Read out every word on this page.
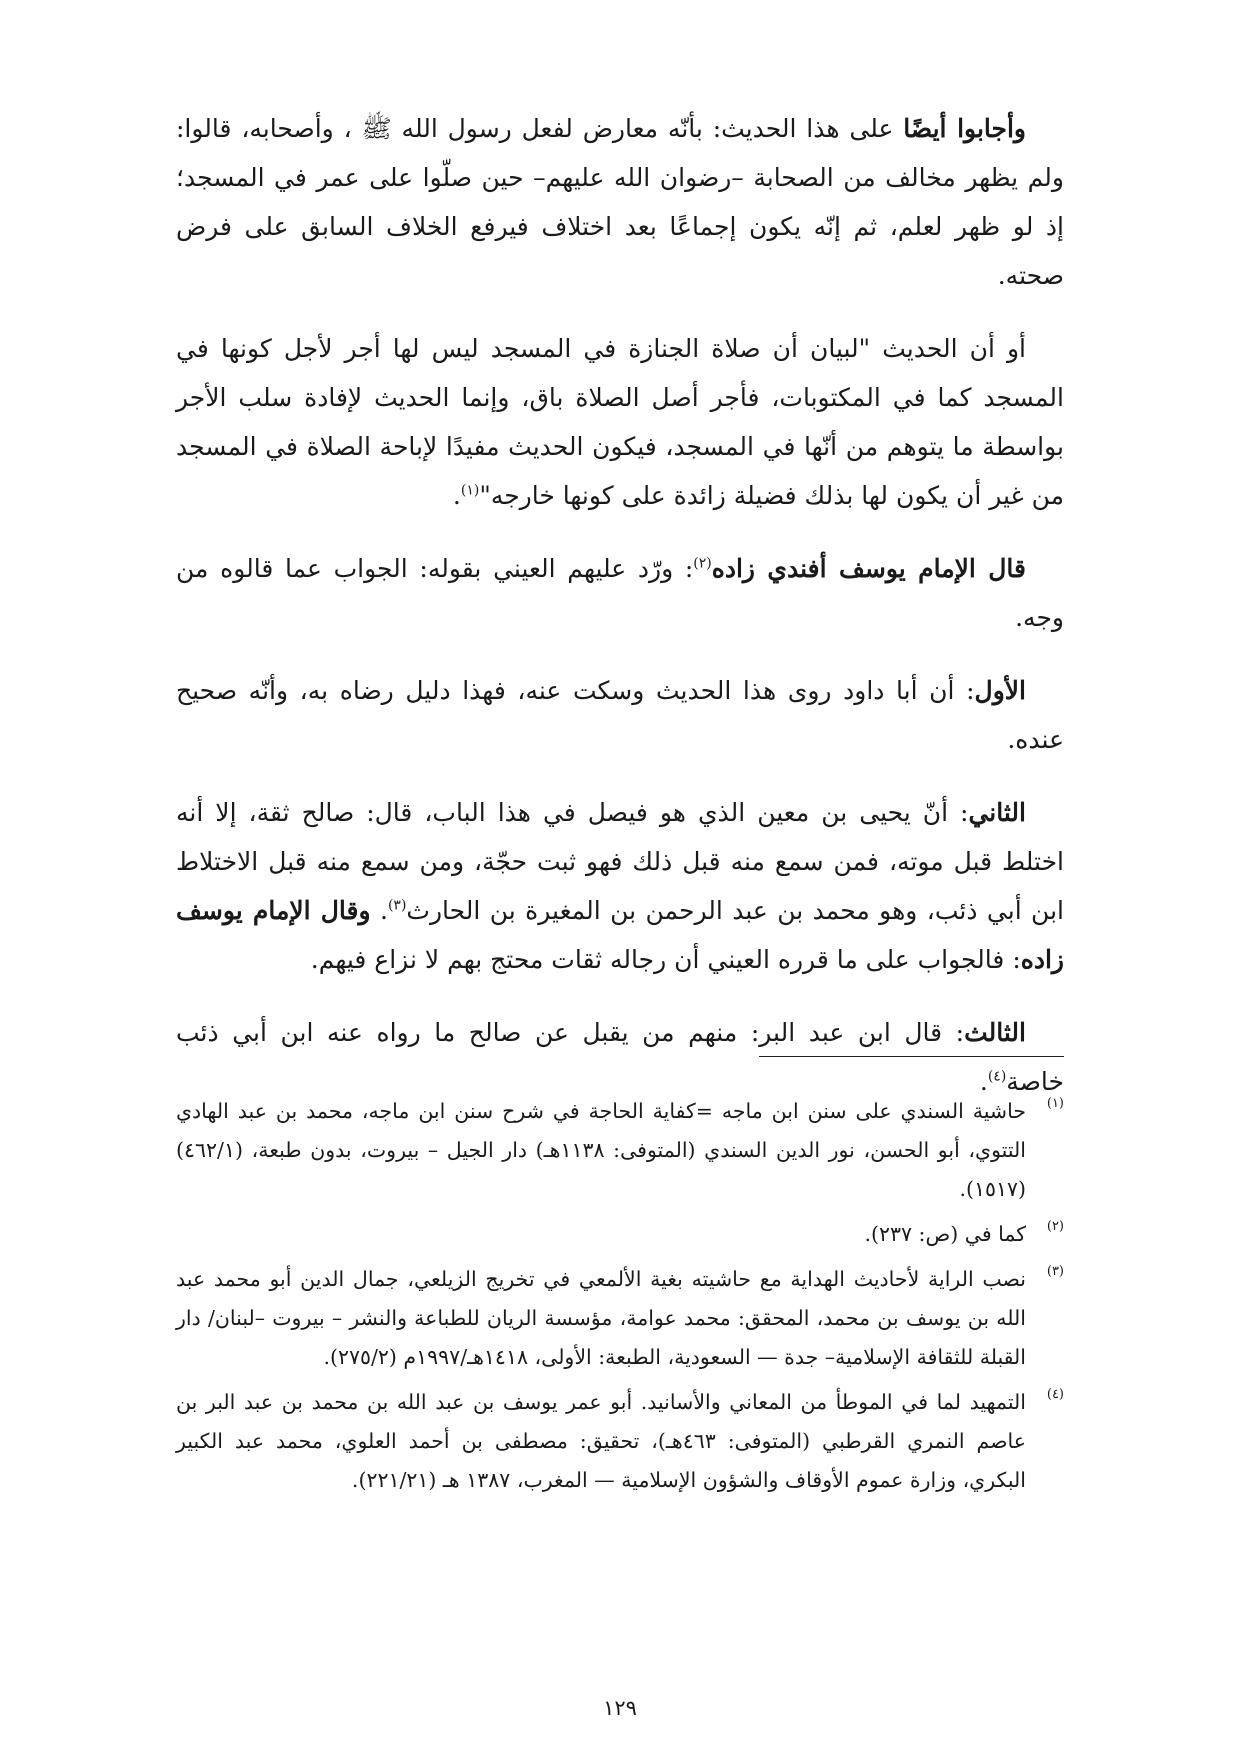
وأجابوا أيضًا على هذا الحديث: بأنّه معارض لفعل رسول الله ﷺ ، وأصحابه، قالوا: ولم يظهر مخالف من الصحابة –رضوان الله عليهم– حين صلّوا على عمر في المسجد؛ إذ لو ظهر لعلم، ثم إنّه يكون إجماعًا بعد اختلاف فيرفع الخلاف السابق على فرض صحته.

أو أن الحديث "لبيان أن صلاة الجنازة في المسجد ليس لها أجر لأجل كونها في المسجد كما في المكتوبات، فأجر أصل الصلاة باق، وإنما الحديث لإفادة سلب الأجر بواسطة ما يتوهم من أنّها في المسجد، فيكون الحديث مفيدًا لإباحة الصلاة في المسجد من غير أن يكون لها بذلك فضيلة زائدة على كونها خارجه"$^{(١)}$.

قال الإمام يوسف أفندي زاده$^{(٢)}$: ورّد عليهم العيني بقوله: الجواب عما قالوه من وجه.

الأول: أن أبا داود روى هذا الحديث وسكت عنه، فهذا دليل رضاه به، وأنّه صحيح عنده.

الثاني: أنّ يحيى بن معين الذي هو فيصل في هذا الباب، قال: صالح ثقة، إلا أنه اختلط قبل موته، فمن سمع منه قبل ذلك فهو ثبت حجّة، ومن سمع منه قبل الاختلاط ابن أبي ذئب، وهو محمد بن عبد الرحمن بن المغيرة بن الحارث$^{(٣)}$. وقال الإمام يوسف زاده: فالجواب على ما قرره العيني أن رجاله ثقات محتج بهم لا نزاع فيهم.

الثالث: قال ابن عبد البر: منهم من يقبل عن صالح ما رواه عنه ابن أبي ذئب خاصة$^{(٤)}$.

(١)
حاشية السندي على سنن ابن ماجه =كفاية الحاجة في شرح سنن ابن ماجه، محمد بن عبد الهادي التتوي، أبو الحسن، نور الدين السندي (المتوفى: ١١٣٨هـ) دار الجيل – بيروت، بدون طبعة، (٤٦٢/١)(١٥١٧).
(٢)
كما في (ص: ٢٣٧).
(٣)
نصب الراية لأحاديث الهداية مع حاشيته بغية الألمعي في تخريج الزيلعي، جمال الدين أبو محمد عبد الله بن يوسف بن محمد، المحقق: محمد عوامة، مؤسسة الريان للطباعة والنشر – بيروت –لبنان/ دار القبلة للثقافة الإسلامية– جدة — السعودية، الطبعة: الأولى، ١٤١٨هـ/١٩٩٧م (٢٧٥/٢).
(٤)
التمهيد لما في الموطأ من المعاني والأسانيد. أبو عمر يوسف بن عبد الله بن محمد بن عبد البر بن عاصم النمري القرطبي (المتوفى: ٤٦٣هـ)، تحقيق: مصطفى بن أحمد العلوي، محمد عبد الكبير البكري، وزارة عموم الأوقاف والشؤون الإسلامية — المغرب، ١٣٨٧ هـ (٢٢١/٢١).
١٢٩
